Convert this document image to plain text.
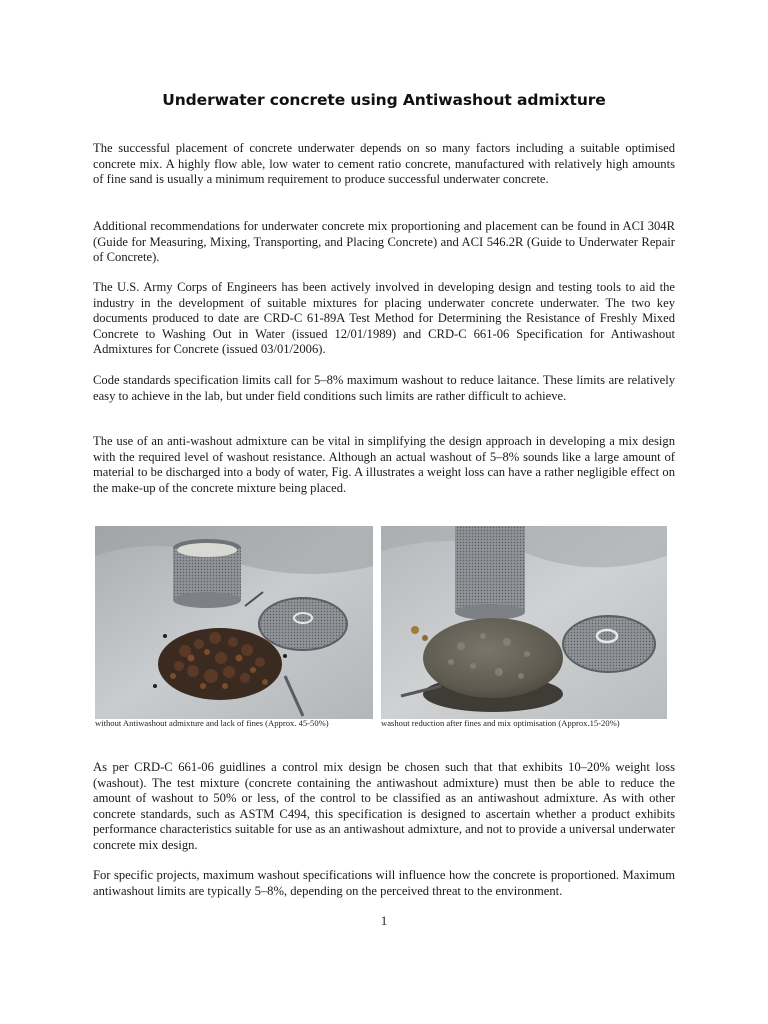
Underwater concrete using Antiwashout admixture

The successful placement of concrete underwater depends on so many factors including a suitable optimised concrete mix. A highly flow able, low water to cement ratio concrete, manufactured with relatively high amounts of fine sand is usually a minimum requirement to produce successful underwater concrete.

Additional recommendations for underwater concrete mix proportioning and placement can be found in ACI 304R (Guide for Measuring, Mixing, Transporting, and Placing Concrete) and ACI 546.2R (Guide to Underwater Repair of Concrete).

The U.S. Army Corps of Engineers has been actively involved in developing design and testing tools to aid the industry in the development of suitable mixtures for placing underwater concrete underwater. The two key documents produced to date are CRD-C 61-89A Test Method for Determining the Resistance of Freshly Mixed Concrete to Washing Out in Water (issued 12/01/1989) and CRD-C 661-06 Specification for Antiwashout Admixtures for Concrete (issued 03/01/2006).

Code standards specification limits call for 5–8% maximum washout to reduce laitance. These limits are relatively easy to achieve in the lab, but under field conditions such limits are rather difficult to achieve.

The use of an anti-washout admixture can be vital in simplifying the design approach in developing a mix design with the required level of washout resistance. Although an actual washout of 5–8% sounds like a large amount of material to be discharged into a body of water, Fig. A illustrates a weight loss can have a rather negligible effect on the make-up of the concrete mixture being placed.

without Antiwashout admixture and lack of fines (Approx. 45-50%)	washout reduction after fines and mix optimisation (Approx.15-20%)

As per CRD-C 661-06 guidlines a control mix design be chosen such that that exhibits 10–20% weight loss (washout). The test mixture (concrete containing the antiwashout admixture) must then be able to reduce the amount of washout to 50% or less, of the control to be classified as an antiwashout admixture. As with other concrete standards, such as ASTM C494, this specification is designed to ascertain whether a product exhibits performance characteristics suitable for use as an antiwashout admixture, and not to provide a universal underwater concrete mix design.

For specific projects, maximum washout specifications will influence how the concrete is proportioned. Maximum antiwashout limits are typically 5–8%, depending on the perceived threat to the environment.

1
